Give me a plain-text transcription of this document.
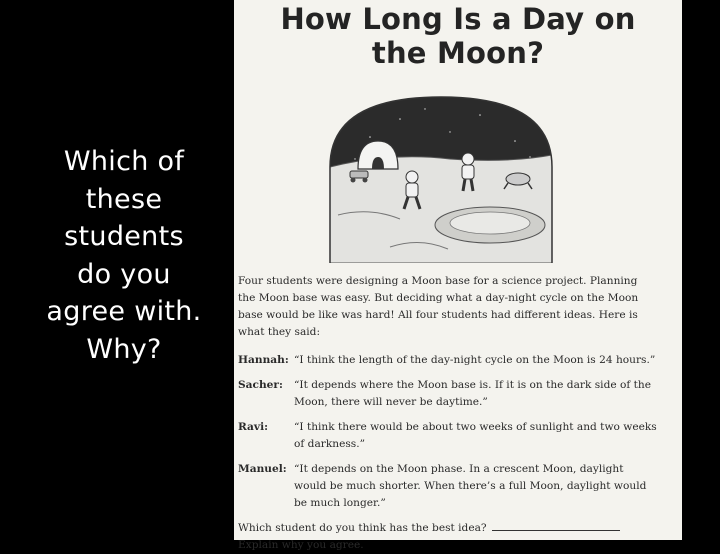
Which of
these
students
do you
agree with.
Why?
How Long Is a Day on
the Moon?

Four students were designing a Moon base for a science project. Planning the Moon base was easy. But deciding what a day-night cycle on the Moon base would be like was hard! All four students had different ideas. Here is what they said:

Hannah: “I think the length of the day-night cycle on the Moon is 24 hours.”
Sacher:	“It depends where the Moon base is. If it is on the dark side of the Moon, there will never be daytime.”
Ravi:	“I think there would be about two weeks of sunlight and two weeks of darkness.”
Manuel: “It depends on the Moon phase. In a crescent Moon, daylight would be much shorter. When there’s a full Moon, daylight would be much longer.”
Which student do you think has the best idea?  Explain why you agree.
